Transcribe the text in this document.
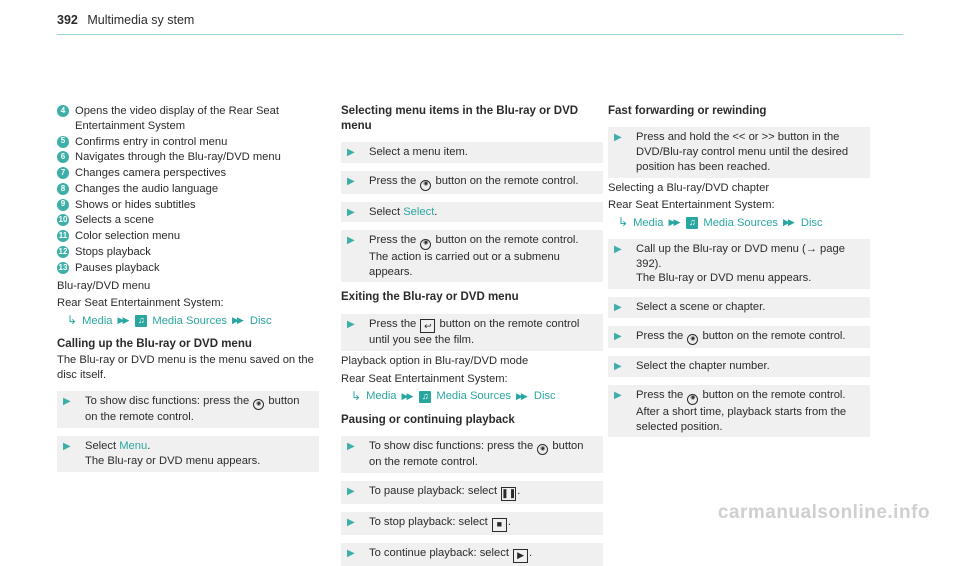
392 Multimedia sy stem
4 Opens the video display of the Rear Seat Entertainment System
5 Confirms entry in control menu
6 Navigates through the Blu-ray/DVD menu
7 Changes camera perspectives
8 Changes the audio language
9 Shows or hides subtitles
10 Selects a scene
11 Color selection menu
12 Stops playback
13 Pauses playback
Blu-ray/DVD menu
Rear Seat Entertainment System:
↳ Media ▶▶ ♫ Media Sources ▶▶ Disc
Calling up the Blu-ray or DVD menu
The Blu-ray or DVD menu is the menu saved on the disc itself.
▶	To show disc functions: press the ◉ button on the remote control.
▶	Select Menu.
The Blu-ray or DVD menu appears.
Selecting menu items in the Blu-ray or DVD menu
▶	Select a menu item.
▶	Press the ◉ button on the remote control.
▶	Select Select.
▶	Press the ◉ button on the remote control.
The action is carried out or a submenu appears.
Exiting the Blu-ray or DVD menu
▶	Press the ↩ button on the remote control until you see the film.
Playback option in Blu-ray/DVD mode
Rear Seat Entertainment System:
↳ Media ▶▶ ♫ Media Sources ▶▶ Disc
Pausing or continuing playback
▶	To show disc functions: press the ◉ button on the remote control.
▶	To pause playback: select ❚❚.
▶	To stop playback: select ■ .
▶	To continue playback: select ▶ .
Fast forwarding or rewinding
▶	Press and hold the << or >> button in the DVD/Blu-ray control menu until the desired position has been reached.
Selecting a Blu-ray/DVD chapter
Rear Seat Entertainment System:
↳ Media ▶▶ ♫ Media Sources ▶▶ Disc
▶	Call up the Blu-ray or DVD menu (→ page 392).
The Blu-ray or DVD menu appears.
▶	Select a scene or chapter.
▶	Press the ◉ button on the remote control.
▶	Select the chapter number.
▶	Press the ◉ button on the remote control.
After a short time, playback starts from the selected position.
carmanualsonline.info
